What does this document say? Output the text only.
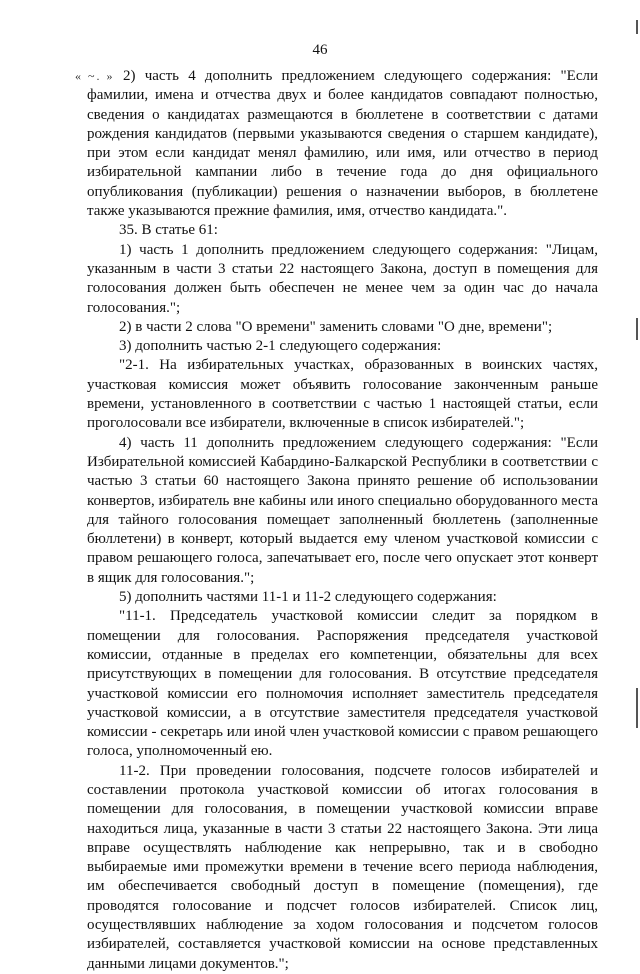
46

« ~. » 2) часть 4 дополнить предложением следующего содержания: "Если фамилии, имена и отчества двух и более кандидатов совпадают полностью, сведения о кандидатах размещаются в бюллетене в соответствии с датами рождения кандидатов (первыми указываются сведения о старшем кандидате), при этом если кандидат менял фамилию, или имя, или отчество в период избирательной кампании либо в течение года до дня официального опубликования (публикации) решения о назначении выборов, в бюллетене также указываются прежние фамилия, имя, отчество кандидата.".

35. В статье 61:

1) часть 1 дополнить предложением следующего содержания: "Лицам, указанным в части 3 статьи 22 настоящего Закона, доступ в помещения для голосования должен быть обеспечен не менее чем за один час до начала голосования.";

2) в части 2 слова "О времени" заменить словами "О дне, времени";

3) дополнить частью 2-1 следующего содержания:

"2-1. На избирательных участках, образованных в воинских частях, участковая комиссия может объявить голосование законченным раньше времени, установленного в соответствии с частью 1 настоящей статьи, если проголосовали все избиратели, включенные в список избирателей.";

4) часть 11 дополнить предложением следующего содержания: "Если Избирательной комиссией Кабардино-Балкарской Республики в соответствии с частью 3 статьи 60 настоящего Закона принято решение об использовании конвертов, избиратель вне кабины или иного специально оборудованного места для тайного голосования помещает заполненный бюллетень (заполненные бюллетени) в конверт, который выдается ему членом участковой комиссии с правом решающего голоса, запечатывает его, после чего опускает этот конверт в ящик для голосования.";

5) дополнить частями 11-1 и 11-2 следующего содержания:

"11-1. Председатель участковой комиссии следит за порядком в помещении для голосования. Распоряжения председателя участковой комиссии, отданные в пределах его компетенции, обязательны для всех присутствующих в помещении для голосования. В отсутствие председателя участковой комиссии его полномочия исполняет заместитель председателя участковой комиссии, а в отсутствие заместителя председателя участковой комиссии - секретарь или иной член участковой комиссии с правом решающего голоса, уполномоченный ею.

11-2. При проведении голосования, подсчете голосов избирателей и составлении протокола участковой комиссии об итогах голосования в помещении для голосования, в помещении участковой комиссии вправе находиться лица, указанные в части 3 статьи 22 настоящего Закона. Эти лица вправе осуществлять наблюдение как непрерывно, так и в свободно выбираемые ими промежутки времени в течение всего периода наблюдения, им обеспечивается свободный доступ в помещение (помещения), где проводятся голосование и подсчет голосов избирателей. Список лиц, осуществлявших наблюдение за ходом голосования и подсчетом голосов избирателей, составляется участковой комиссии на основе представленных данными лицами документов.";
